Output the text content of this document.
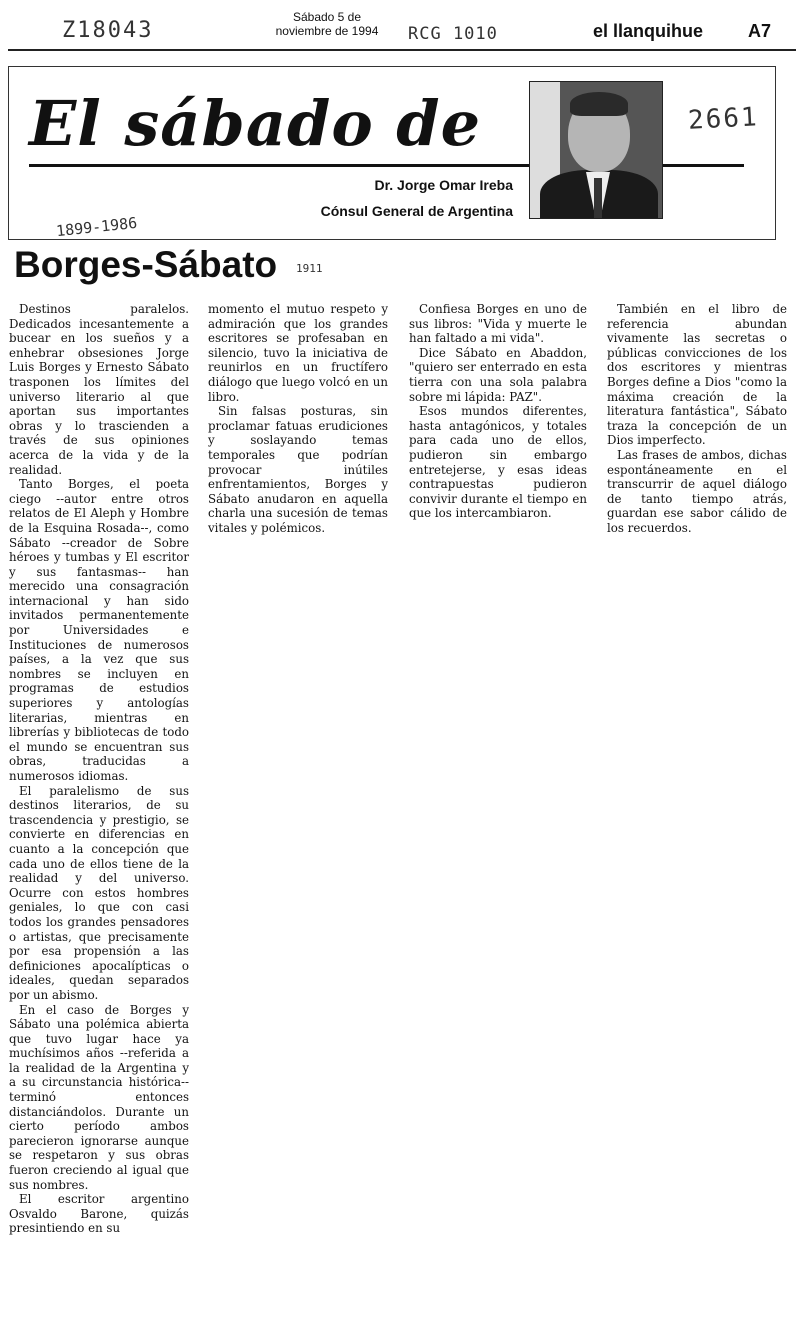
Z18043
Sábado 5 de
noviembre de 1994	RCG 1010	el llanquihue A7
El sábado de
Dr. Jorge Omar Ireba
Cónsul General de Argentina
2661
1899-1986
Borges-Sábato 1911

Destinos paralelos. Dedicados incesantemente a bucear en los sueños y a enhebrar obsesiones Jorge Luis Borges y Ernesto Sábato trasponen los límites del universo literario al que aportan sus importantes obras y lo trascienden a través de sus opiniones acerca de la vida y de la realidad.

Tanto Borges, el poeta ciego --autor entre otros relatos de El Aleph y Hombre de la Esquina Rosada--, como Sábato --creador de Sobre héroes y tumbas y El escritor y sus fantasmas-- han merecido una consagración internacional y han sido invitados permanentemente por Universidades e Instituciones de numerosos países, a la vez que sus nombres se incluyen en programas de estudios superiores y antologías literarias, mientras en librerías y bibliotecas de todo el mundo se encuentran sus obras, traducidas a numerosos idiomas.

El paralelismo de sus destinos literarios, de su trascendencia y prestigio, se convierte en diferencias en cuanto a la concepción que cada uno de ellos tiene de la realidad y del universo. Ocurre con estos hombres geniales, lo que con casi todos los grandes pensadores o artistas, que precisamente por esa propensión a las definiciones apocalípticas o ideales, quedan separados por un abismo.

En el caso de Borges y Sábato una polémica abierta que tuvo lugar hace ya muchísimos años --referida a la realidad de la Argentina y a su circunstancia histórica-- terminó entonces distanciándolos. Durante un cierto período ambos parecieron ignorarse aunque se respetaron y sus obras fueron creciendo al igual que sus nombres.

El escritor argentino Osvaldo Barone, quizás presintiendo en su

momento el mutuo respeto y admiración que los grandes escritores se profesaban en silencio, tuvo la iniciativa de reunirlos en un fructífero diálogo que luego volcó en un libro.

Sin falsas posturas, sin proclamar fatuas erudiciones y soslayando temas temporales que podrían provocar inútiles enfrentamientos, Borges y Sábato anudaron en aquella charla una sucesión de temas vitales y polémicos.

Confiesa Borges en uno de sus libros: "Vida y muerte le han faltado a mi vida".

Dice Sábato en Abaddon, "quiero ser enterrado en esta tierra con una sola palabra sobre mi lápida: PAZ".

Esos mundos diferentes, hasta antagónicos, y totales para cada uno de ellos, pudieron sin embargo entretejerse, y esas ideas contrapuestas pudieron convivir durante el tiempo en que los intercambiaron.

También en el libro de referencia abundan vivamente las secretas o públicas convicciones de los dos escritores y mientras Borges define a Dios "como la máxima creación de la literatura fantástica", Sábato traza la concepción de un Dios imperfecto.

Las frases de ambos, dichas espontáneamente en el transcurrir de aquel diálogo de tanto tiempo atrás, guardan ese sabor cálido de los recuerdos.
